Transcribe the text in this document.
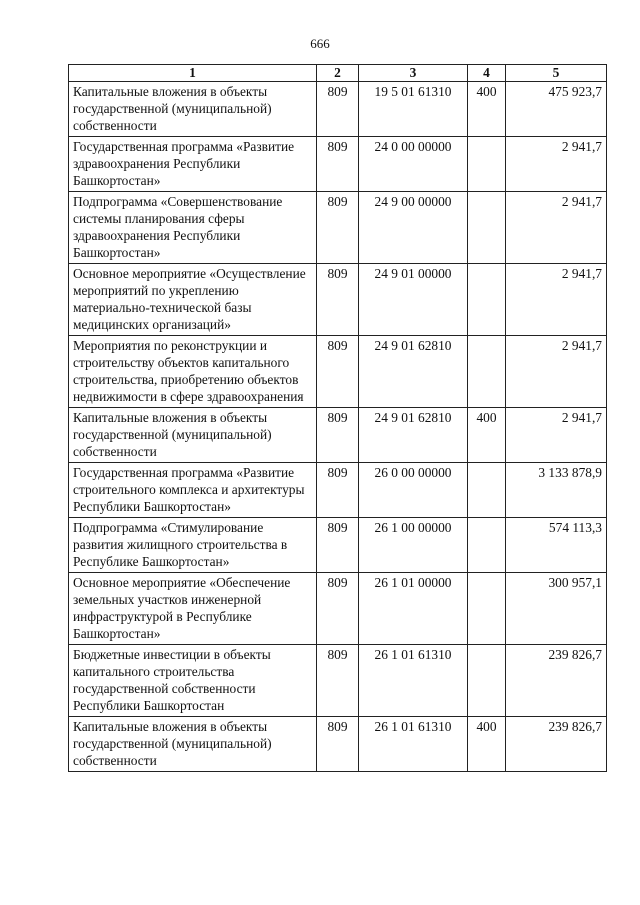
666
1	2	3	4	5
Капитальные вложения в объекты государственной (муниципальной) собственности	809	19 5 01 61310	400	475 923,7
Государственная программа «Развитие здравоохранения Республики Башкортостан»	809	24 0 00 00000		2 941,7
Подпрограмма «Совершенствование системы планирования сферы здравоохранения Республики Башкортостан»	809	24 9 00 00000		2 941,7
Основное мероприятие «Осуществление мероприятий по укреплению материально-технической базы медицинских организаций»	809	24 9 01 00000		2 941,7
Мероприятия по реконструкции и строительству объектов капитального строительства, приобретению объектов недвижимости в сфере здравоохранения	809	24 9 01 62810		2 941,7
Капитальные вложения в объекты государственной (муниципальной) собственности	809	24 9 01 62810	400	2 941,7
Государственная программа «Развитие строительного комплекса и архитектуры Республики Башкортостан»	809	26 0 00 00000		3 133 878,9
Подпрограмма «Стимулирование развития жилищного строительства в Республике Башкортостан»	809	26 1 00 00000		574 113,3
Основное мероприятие «Обеспечение земельных участков инженерной инфраструктурой в Республике Башкортостан»	809	26 1 01 00000		300 957,1
Бюджетные инвестиции в объекты капитального строительства государственной собственности Республики Башкортостан	809	26 1 01 61310		239 826,7
Капитальные вложения в объекты государственной (муниципальной) собственности	809	26 1 01 61310	400	239 826,7
